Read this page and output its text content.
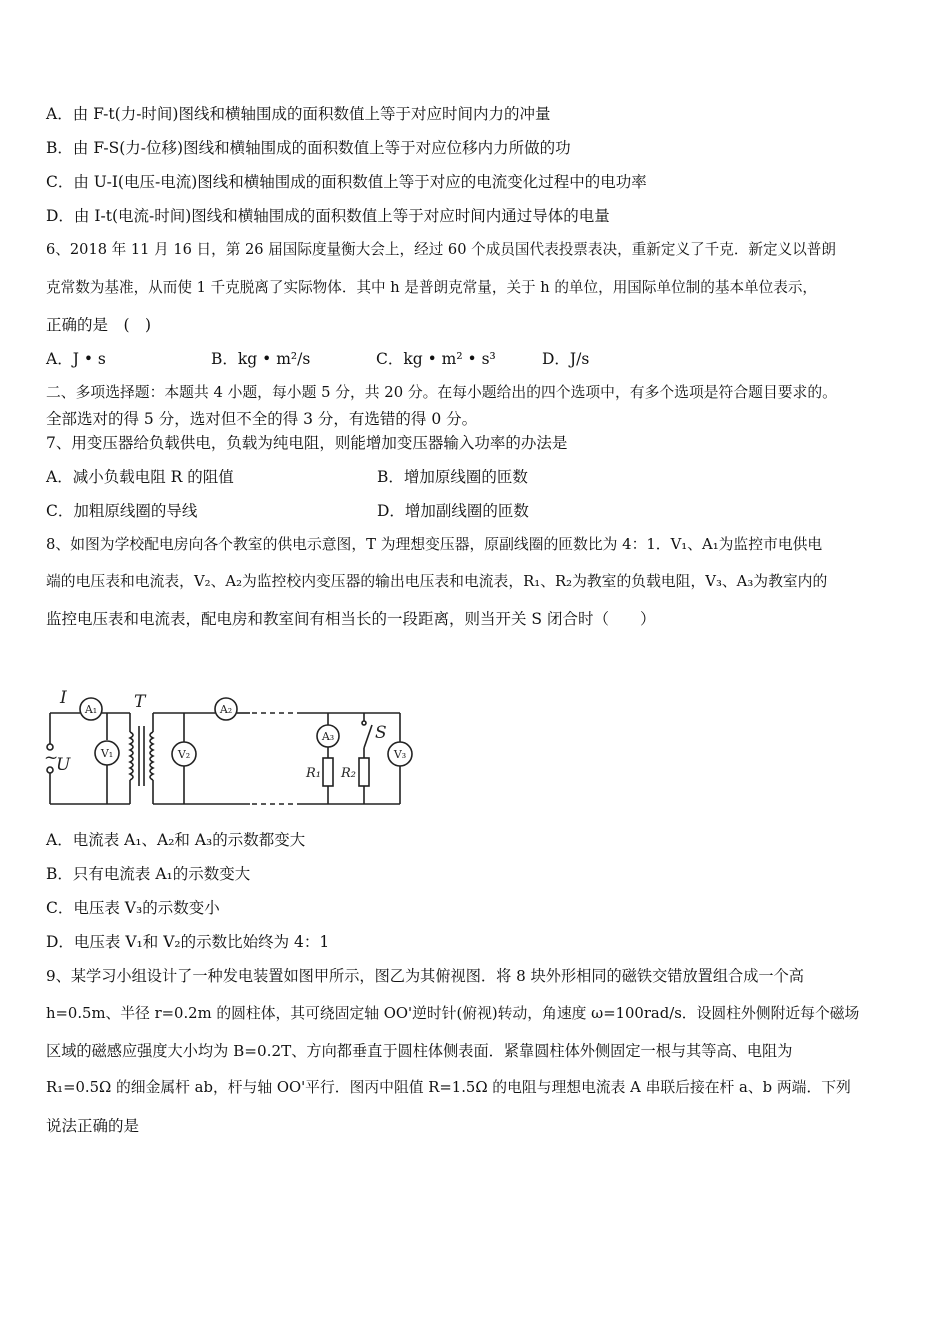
A．由 F-t(力-时间)图线和横轴围成的面积数值上等于对应时间内力的冲量
B．由 F-S(力-位移)图线和横轴围成的面积数值上等于对应位移内力所做的功
C．由 U-I(电压-电流)图线和横轴围成的面积数值上等于对应的电流变化过程中的电功率
D．由 I-t(电流-时间)图线和横轴围成的面积数值上等于对应时间内通过导体的电量
6、2018 年 11 月 16 日，第 26 届国际度量衡大会上，经过 60 个成员国代表投票表决，重新定义了千克．新定义以普朗
克常数为基准，从而使 1 千克脱离了实际物体．其中 h 是普朗克常量，关于 h 的单位，用国际单位制的基本单位表示，
正确的是　(　)
A．J • s	B．kg • m²/s	C．kg • m² • s³	D．J/s
二、多项选择题：本题共 4 小题，每小题 5 分，共 20 分。在每小题给出的四个选项中，有多个选项是符合题目要求的。
全部选对的得 5 分，选对但不全的得 3 分，有选错的得 0 分。
7、用变压器给负载供电，负载为纯电阻，则能增加变压器输入功率的办法是
A．减小负载电阻 R 的阻值	B．增加原线圈的匝数
C．加粗原线圈的导线	D．增加副线圈的匝数
8、如图为学校配电房向各个教室的供电示意图，T 为理想变压器，原副线圈的匝数比为 4：1．V₁、A₁为监控市电供电
端的电压表和电流表，V₂、A₂为监控校内变压器的输出电压表和电流表，R₁、R₂为教室的负载电阻，V₃、A₃为教室内的
监控电压表和电流表，配电房和教室间有相当长的一段距离，则当开关 S 闭合时（　　）
I	T
U
~
S
A₁
V₁
A₂
V₂
A₃
V₃
R₁ R₂
A．电流表 A₁、A₂和 A₃的示数都变大
B．只有电流表 A₁的示数变大
C．电压表 V₃的示数变小
D．电压表 V₁和 V₂的示数比始终为 4：1
9、某学习小组设计了一种发电装置如图甲所示，图乙为其俯视图．将 8 块外形相同的磁铁交错放置组合成一个高
h=0.5m、半径 r=0.2m 的圆柱体，其可绕固定轴 OO'逆时针(俯视)转动，角速度 ω=100rad/s．设圆柱外侧附近每个磁场
区域的磁感应强度大小均为 B=0.2T、方向都垂直于圆柱体侧表面．紧靠圆柱体外侧固定一根与其等高、电阻为
R₁=0.5Ω 的细金属杆 ab，杆与轴 OO'平行．图丙中阻值 R=1.5Ω 的电阻与理想电流表 A 串联后接在杆 a、b 两端．下列
说法正确的是
